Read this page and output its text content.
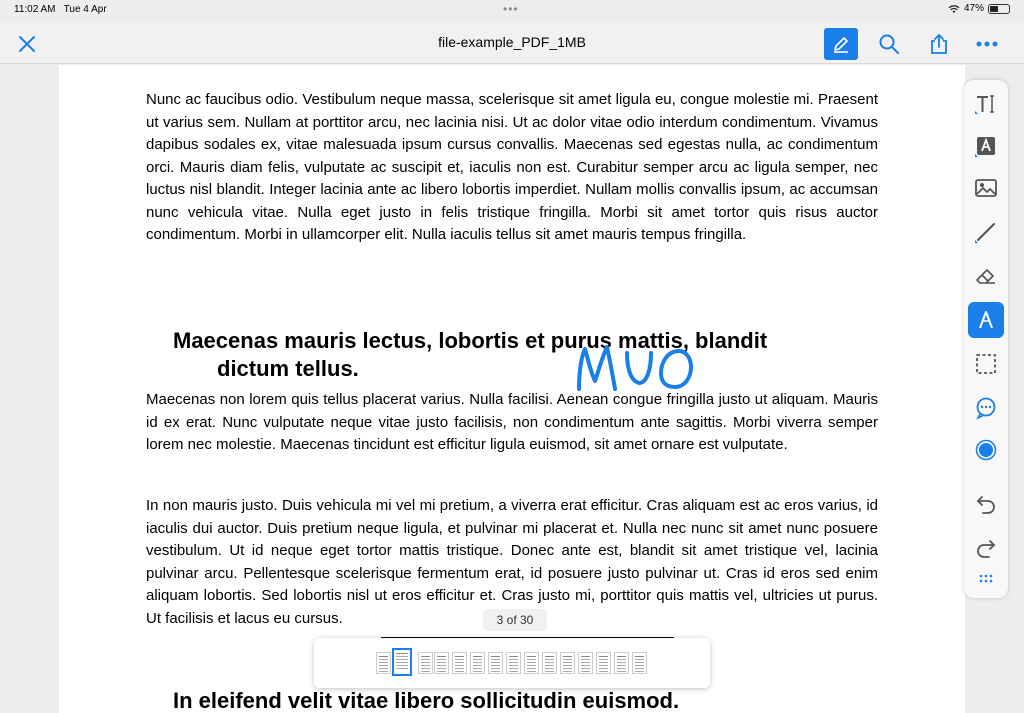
11:02 AM Tue 4 Apr	•••	47%
file-example_PDF_1MB

Nunc ac faucibus odio. Vestibulum neque massa, scelerisque sit amet ligula eu, congue molestie mi. Praesent ut varius sem. Nullam at porttitor arcu, nec lacinia nisi. Ut ac dolor vitae odio interdum condimentum. Vivamus dapibus sodales ex, vitae malesuada ipsum cursus convallis. Maecenas sed egestas nulla, ac condimentum orci. Mauris diam felis, vulputate ac suscipit et, iaculis non est. Curabitur semper arcu ac ligula semper, nec luctus nisl blandit. Integer lacinia ante ac libero lobortis imperdiet. Nullam mollis convallis ipsum, ac accumsan nunc vehicula vitae. Nulla eget justo in felis tristique fringilla. Morbi sit amet tortor quis risus auctor condimentum. Morbi in ullamcorper elit. Nulla iaculis tellus sit amet mauris tempus fringilla.

Maecenas mauris lectus, lobortis et purus mattis, blandit
dictum tellus.

Maecenas non lorem quis tellus placerat varius. Nulla facilisi. Aenean congue fringilla justo ut aliquam. Mauris id ex erat. Nunc vulputate neque vitae justo facilisis, non condimentum ante sagittis. Morbi viverra semper lorem nec molestie. Maecenas tincidunt est efficitur ligula euismod, sit amet ornare est vulputate.

In non mauris justo. Duis vehicula mi vel mi pretium, a viverra erat efficitur. Cras aliquam est ac eros varius, id iaculis dui auctor. Duis pretium neque ligula, et pulvinar mi placerat et. Nulla nec nunc sit amet nunc posuere vestibulum. Ut id neque eget tortor mattis tristique. Donec ante est, blandit sit amet tristique vel, lacinia pulvinar arcu. Pellentesque scelerisque fermentum erat, id posuere justo pulvinar ut. Cras id eros sed enim aliquam lobortis. Sed lobortis nisl ut eros efficitur et. Cras justo mi, porttitor quis mattis vel, ultricies ut purus. Ut facilisis et lacus eu cursus.

In eleifend velit vitae libero sollicitudin euismod.
3 of 30
